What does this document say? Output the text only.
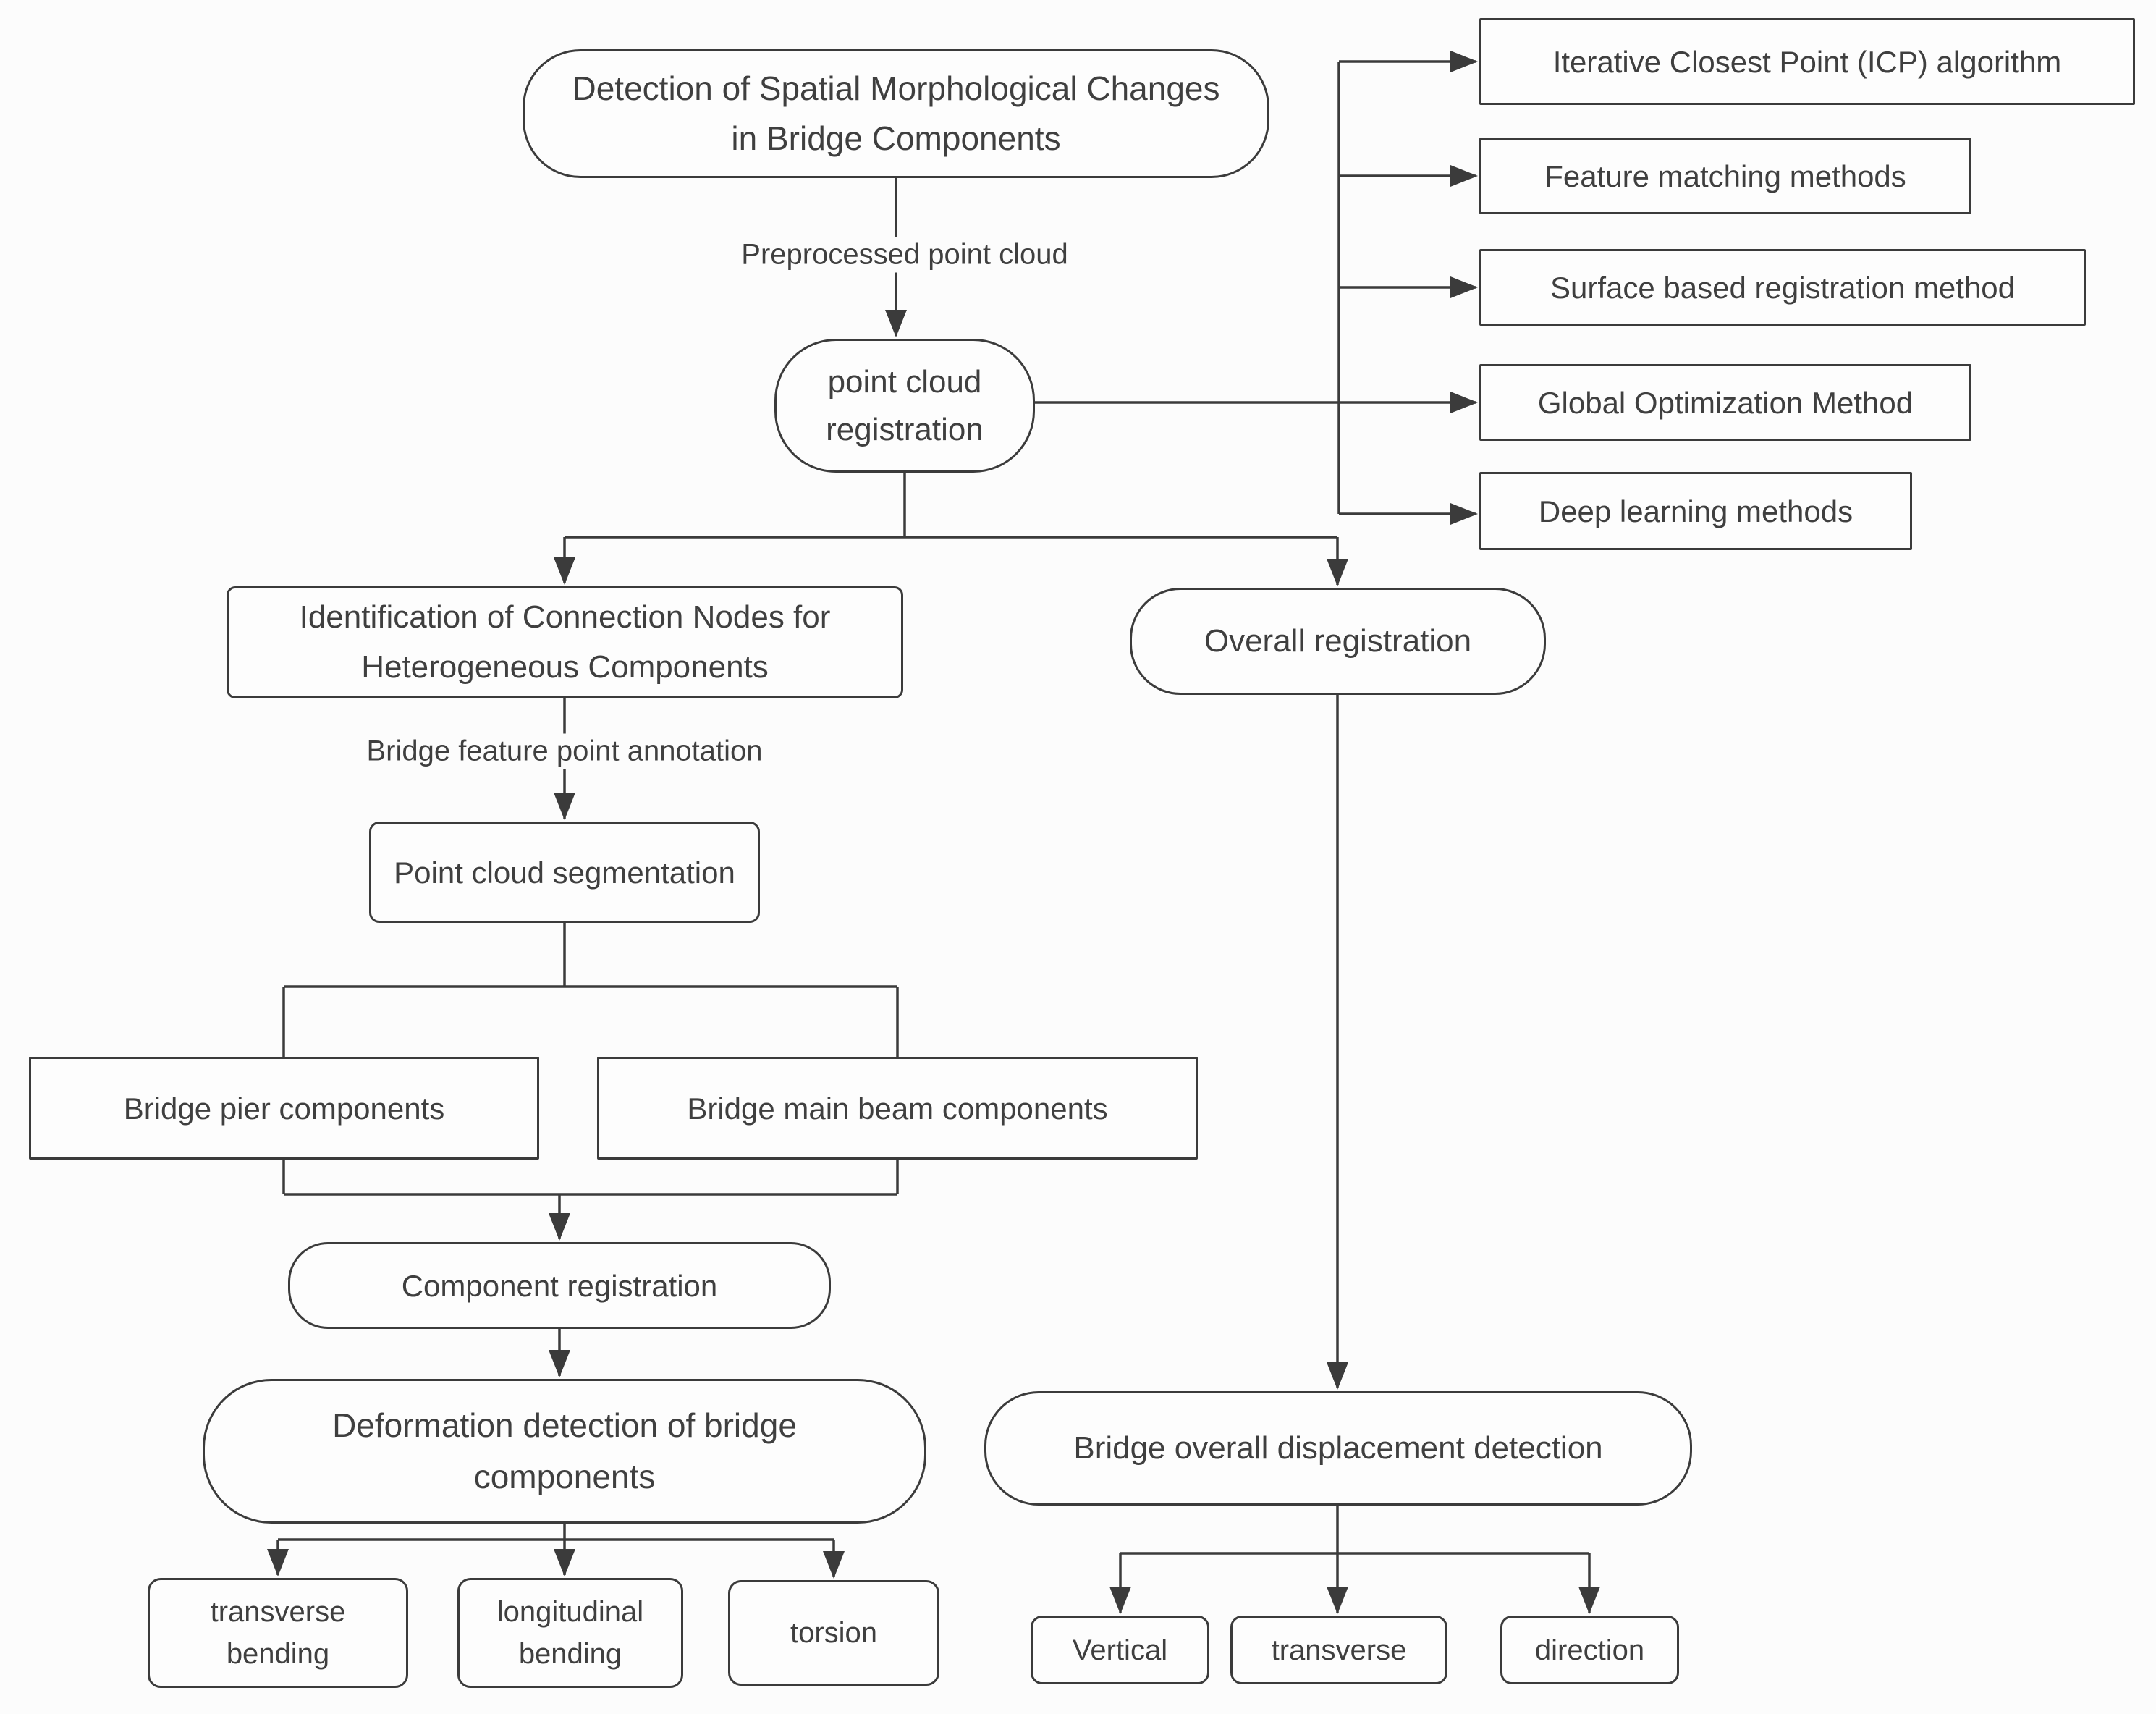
Detection of Spatial Morphological Changes in Bridge Components
point cloud registration
Iterative Closest Point (ICP) algorithm
Feature matching methods
Surface based registration method
Global Optimization Method
Deep learning methods
Identification of Connection Nodes for Heterogeneous Components
Point cloud segmentation
Bridge pier components	Bridge main beam components
Component registration
Deformation detection of bridge components
transverse bending
longitudinal bending
torsion
Overall registration
Bridge overall displacement detection
Vertical	transverse	direction
Preprocessed point cloud
Bridge feature point annotation
